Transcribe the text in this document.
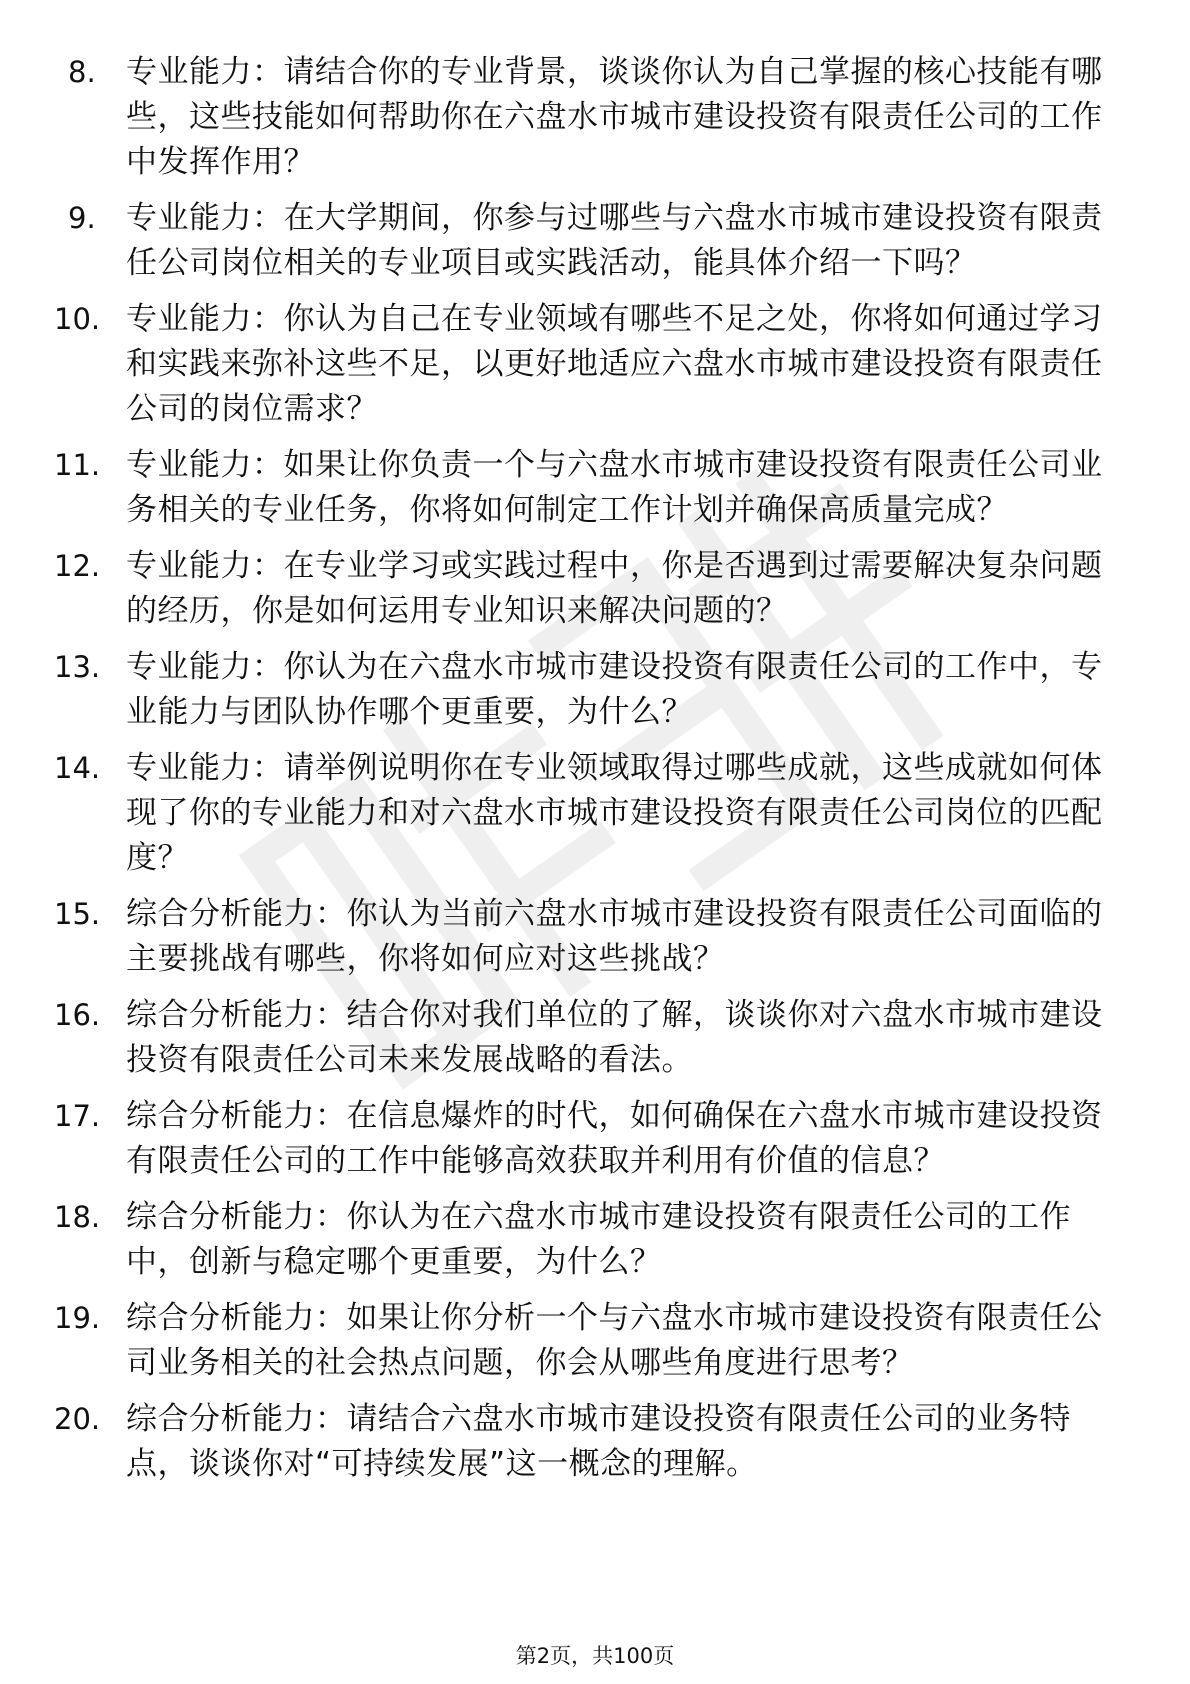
8. 专业能力：请结合你的专业背景，谈谈你认为自己掌握的核心技能有哪些，这些技能如何帮助你在六盘水市城市建设投资有限责任公司的工作中发挥作用？
9. 专业能力：在大学期间，你参与过哪些与六盘水市城市建设投资有限责任公司岗位相关的专业项目或实践活动，能具体介绍一下吗？
10. 专业能力：你认为自己在专业领域有哪些不足之处，你将如何通过学习和实践来弥补这些不足，以更好地适应六盘水市城市建设投资有限责任公司的岗位需求？
11. 专业能力：如果让你负责一个与六盘水市城市建设投资有限责任公司业务相关的专业任务，你将如何制定工作计划并确保高质量完成？
12. 专业能力：在专业学习或实践过程中，你是否遇到过需要解决复杂问题的经历，你是如何运用专业知识来解决问题的？
13. 专业能力：你认为在六盘水市城市建设投资有限责任公司的工作中，专业能力与团队协作哪个更重要，为什么？
14. 专业能力：请举例说明你在专业领域取得过哪些成就，这些成就如何体现了你的专业能力和对六盘水市城市建设投资有限责任公司岗位的匹配度？
15. 综合分析能力：你认为当前六盘水市城市建设投资有限责任公司面临的主要挑战有哪些，你将如何应对这些挑战？
16. 综合分析能力：结合你对我们单位的了解，谈谈你对六盘水市城市建设投资有限责任公司未来发展战略的看法。
17. 综合分析能力：在信息爆炸的时代，如何确保在六盘水市城市建设投资有限责任公司的工作中能够高效获取并利用有价值的信息？
18. 综合分析能力：你认为在六盘水市城市建设投资有限责任公司的工作中，创新与稳定哪个更重要，为什么？
19. 综合分析能力：如果让你分析一个与六盘水市城市建设投资有限责任公司业务相关的社会热点问题，你会从哪些角度进行思考？
20. 综合分析能力：请结合六盘水市城市建设投资有限责任公司的业务特点，谈谈你对“可持续发展”这一概念的理解。
第2页，共100页
